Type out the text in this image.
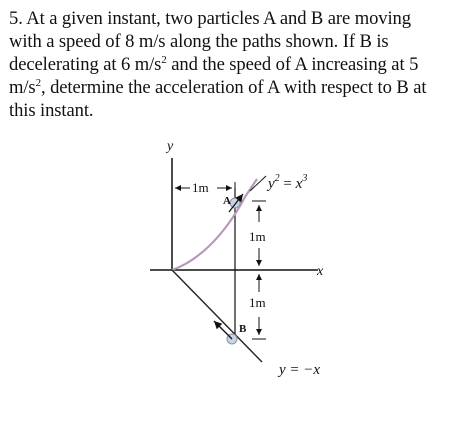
5. At a given instant, two particles A and B are moving
with a speed of 8 m/s along the paths shown. If B is
decelerating at 6 $m/s^2$ and the speed of A increasing at 5
$m/s^2$, determine the acceleration of A with respect to B at
this instant.
y
x
1m
1m
1m
A
B
$y^2 = x^3$
y = −x
